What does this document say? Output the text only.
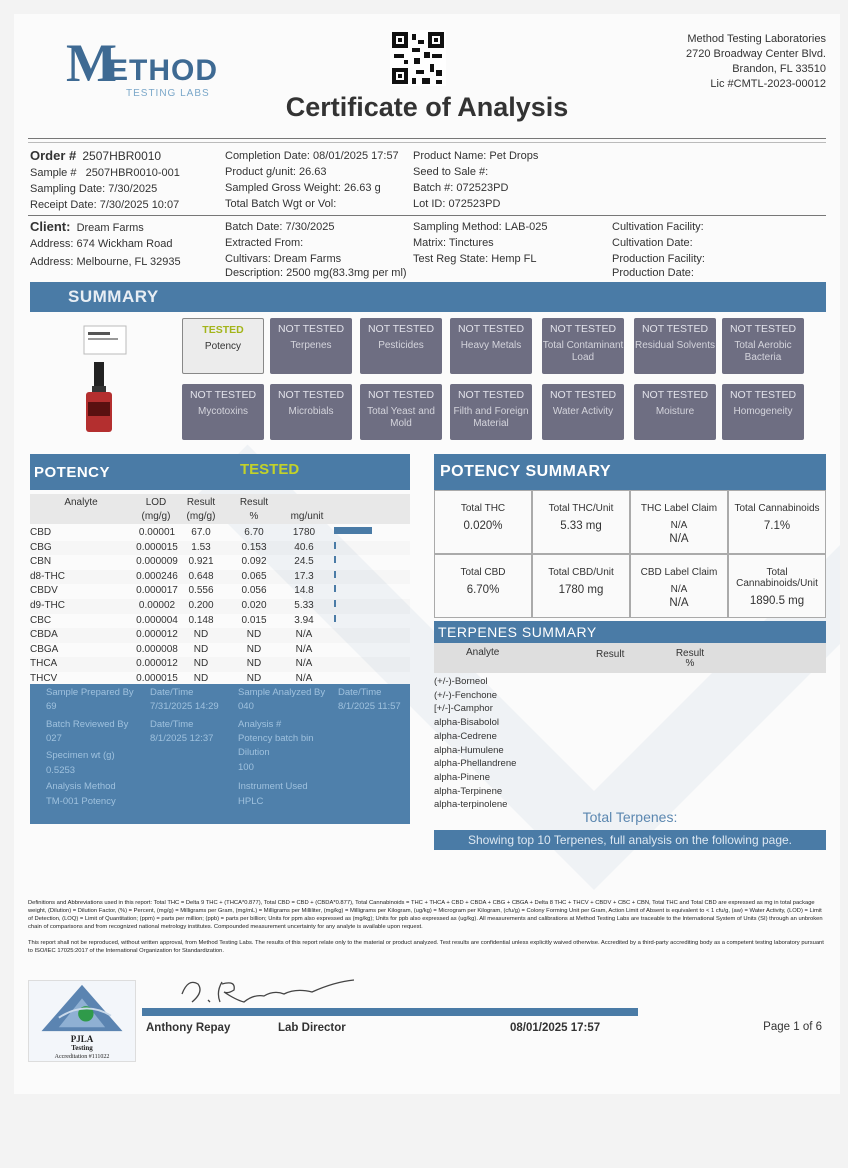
M
ETHOD
TESTING LABS
Method Testing Laboratories
2720 Broadway Center Blvd.
Brandon, FL 33510
Lic #CMTL-2023-00012
Certificate of Analysis
Order # 2507HBR0010
Sample # 2507HBR0010-001
Sampling Date: 7/30/2025
Receipt Date: 7/30/2025 10:07
Completion Date: 08/01/2025 17:57
Product g/unit: 26.63
Sampled Gross Weight: 26.63 g
Total Batch Wgt or Vol:
Product Name: Pet Drops
Seed to Sale #:
Batch #: 072523PD
Lot ID: 072523PD
Client: Dream Farms
Address: 674 Wickham Road
Address: Melbourne, FL 32935
Batch Date: 7/30/2025
Extracted From:
Cultivars: Dream Farms
Description: 2500 mg(83.3mg per ml)
Sampling Method: LAB-025
Matrix: Tinctures
Test Reg State: Hemp FL
Cultivation Facility:
Cultivation Date:
Production Facility:
Production Date:
SUMMARY
TESTED
Potency
NOT TESTED
Terpenes
NOT TESTED
Pesticides
NOT TESTED
Heavy Metals
NOT TESTED
Total Contaminant Load
NOT TESTED
Residual Solvents
NOT TESTED
Total Aerobic Bacteria
NOT TESTED
Mycotoxins
NOT TESTED
Microbials
NOT TESTED
Total Yeast and Mold
NOT TESTED
Filth and Foreign Material
NOT TESTED
Water Activity
NOT TESTED
Moisture
NOT TESTED
Homogeneity
POTENCY	TESTED
Analyte	LOD (mg/g)
Result (mg/g)
Result %	mg/unit
CBD	0.00001	67.0	6.70	1780
CBG	0.000015	1.53	0.153	40.6
CBN	0.000009 0.921	0.092	24.5
d8-THC	0.000246 0.648	0.065	17.3
CBDV	0.000017 0.556	0.056	14.8
d9-THC	0.00002	0.200	0.020	5.33
CBC	0.000004 0.148	0.015	3.94
CBDA	0.000012	ND	ND	N/A
CBGA	0.000008	ND	ND	N/A
THCA	0.000012	ND	ND	N/A
THCV	0.000015	ND	ND	N/A
Sample Prepared By
69
Date/Time
7/31/2025 14:29
Sample Analyzed By
040
Date/Time
8/1/2025 11:57
Batch Reviewed By
027
Date/Time
8/1/2025 12:37
Analysis #
Potency batch bin
Specimen wt (g)
0.5253
Dilution
100
Analysis Method
TM-001 Potency
Instrument Used
HPLC
POTENCY SUMMARY
Total THC
0.020%
Total THC/Unit
5.33 mg
THC Label Claim
N/A
N/A
Total Cannabinoids
7.1%
Total CBD
6.70%
Total CBD/Unit
1780 mg
CBD Label Claim
N/A
N/A
Total Cannabinoids/Unit
1890.5 mg
TERPENES SUMMARY
Analyte	Result	Result %
(+/-)-Borneol
(+/-)-Fenchone
[+/-]-Camphor
alpha-Bisabolol
alpha-Cedrene
alpha-Humulene
alpha-Phellandrene
alpha-Pinene
alpha-Terpinene
alpha-terpinolene
Total Terpenes:
Showing top 10 Terpenes, full analysis on the following page.
Definitions and Abbreviations used in this report: Total THC = Delta 9 THC + (THCA*0.877), Total CBD = CBD + (CBDA*0.877), Total Cannabinoids = THC + THCA + CBD + CBDA + CBG + CBGA + Delta 8 THC + THCV + CBDV + CBC + CBN, Total THC and Total CBD are expressed as mg in total package weight, (Dilution) = Dilution Factor, (%) = Percent, (mg/g) = Milligrams per Gram, (mg/mL) = Milligrams per Milliliter, (mg/kg) = Milligrams per Kilogram, (ug/kg) = Microgram per Kilogram, (cfu/g) = Colony Forming Unit per Gram, Action Limit of Absent is equivalent to < 1 cfu/g, (aw) = Water Activity, (LOD) = Limit of Detection, (LOQ) = Limit of Quantitation; (ppm) = parts per million; (ppb) = parts per billion; Units for ppm also expressed as (mg/kg); Units for ppb also expressed as (ug/kg). All measurements and calibrations at Method Testing Labs are traceable to the International System of Units (SI) through an unbroken chain of comparisons and from recognized national metrology institutes. Compounded measurement uncertainty for any analyte is available upon request.
This report shall not be reproduced, without written approval, from Method Testing Labs. The results of this report relate only to the material or product analyzed. Test results are confidential unless explicitly waived otherwise. Accredited by a third-party accrediting body as a competent testing laboratory pursuant to ISO/IEC 17025:2017 of the International Organization for Standardization.
PJLA
Testing
Accreditation #111022
Anthony Repay	Lab Director	08/01/2025 17:57	Page 1 of 6
